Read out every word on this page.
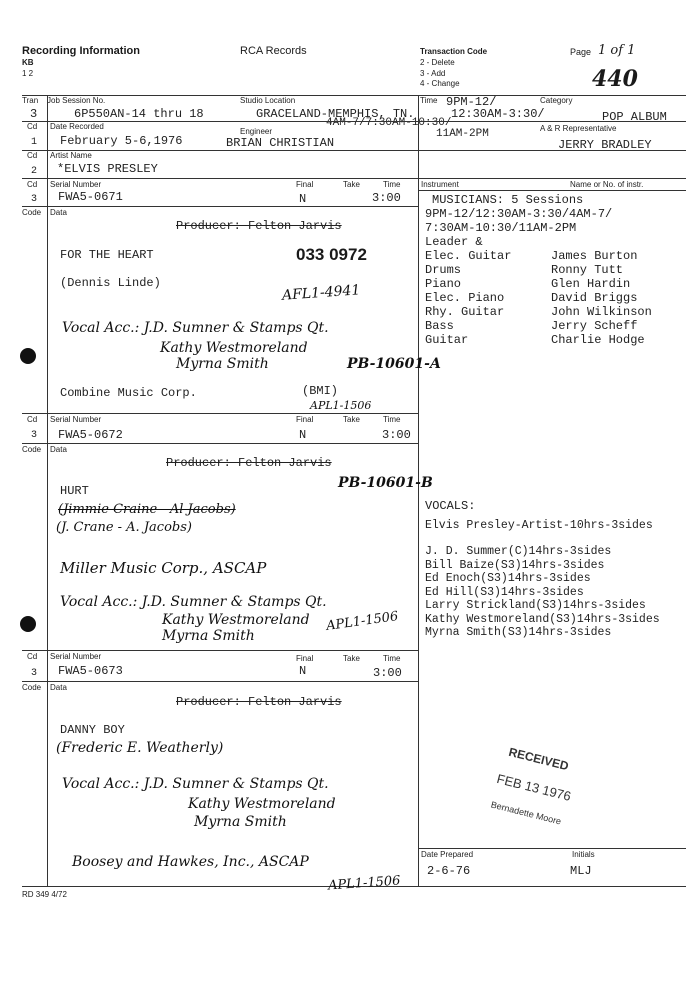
Recording Information
KB
1 2
RCA Records	Transaction Code
2 - Delete
3 - Add
4 - Change
Page 1 of 1
440
Tran Job Session No.
3	6P550AN-14 thru 18
Studio Location
GRACELAND-MEMPHIS, TN.
Time 9PM-12/
12:30AM-3:30/
4AM-7/7:30AM-10:30/
11AM-2PM
Category
POP ALBUM
Cd
1
Date Recorded
February 5-6,1976
Engineer
BRIAN CHRISTIAN
A & R Representative
JERRY BRADLEY
Cd
2
Artist Name
*ELVIS PRESLEY
Instrument	Name or No. of instr.
Cd Serial Number	Final	Take	Time
3 FWA5-0671	N	3:00
Code Data
Producer: Felton Jarvis
FOR THE HEART	033 0972
(Dennis Linde)	AFL1-4941
Vocal Acc.: J.D. Sumner & Stamps Qt.
Kathy Westmoreland
Myrna Smith	PB-10601-A
Combine Music Corp.	(BMI)
APL1-1506
Cd Serial Number	Final	Take	Time
3 FWA5-0672	N	3:00
Code Data
Producer: Felton Jarvis
PB-10601-B
HURT
(Jimmie Craine - Al Jacobs)
(J. Crane - A. Jacobs)
Miller Music Corp., ASCAP
Vocal Acc.: J.D. Sumner & Stamps Qt.
Kathy Westmoreland
Myrna Smith
APL1-1506
Cd Serial Number	Final	Take	Time
3 FWA5-0673	N	3:00
Code Data
Producer: Felton Jarvis
DANNY BOY
(Frederic E. Weatherly)
Vocal Acc.: J.D. Sumner & Stamps Qt.
Kathy Westmoreland
Myrna Smith
Boosey and Hawkes, Inc., ASCAP
APL1-1506
MUSICIANS: 5 Sessions
9PM-12/12:30AM-3:30/4AM-7/
7:30AM-10:30/11AM-2PM
Leader &
Elec. Guitar	James Burton
Drums	Ronny Tutt
Piano	Glen Hardin
Elec. Piano	David Briggs
Rhy. Guitar	John Wilkinson
Bass	Jerry Scheff
Guitar	Charlie Hodge
VOCALS:
Elvis Presley-Artist-10hrs-3sides
J. D. Summer(C)14hrs-3sides
Bill Baize(S3)14hrs-3sides
Ed Enoch(S3)14hrs-3sides
Ed Hill(S3)14hrs-3sides
Larry Strickland(S3)14hrs-3sides
Kathy Westmoreland(S3)14hrs-3sides
Myrna Smith(S3)14hrs-3sides
RECEIVED
FEB 13 1976
Bernadette Moore
Date Prepared	Initials
2-6-76	MLJ
RD 349 4/72
